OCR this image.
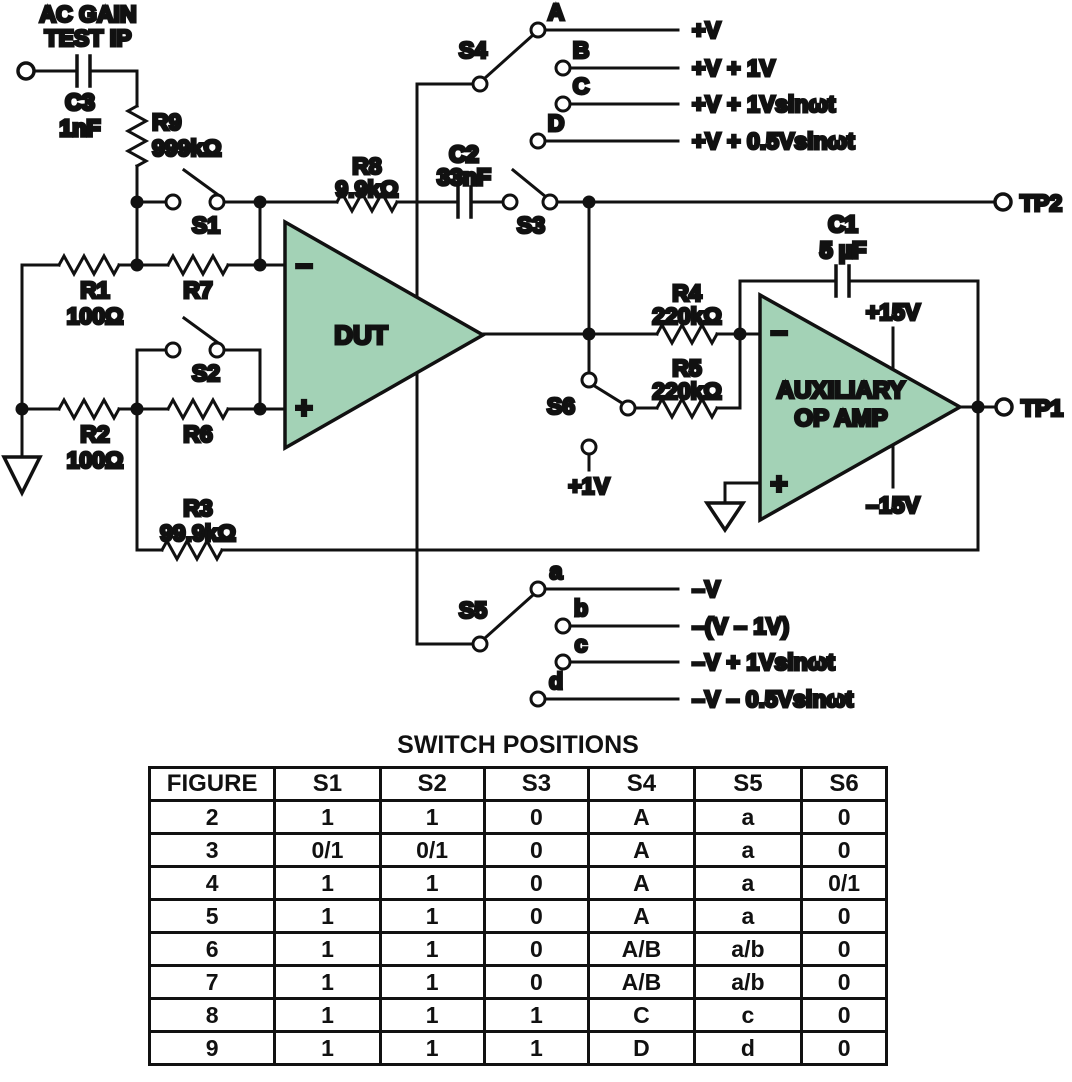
−
+
DUT	−
+
AUXILIARY
OP AMP
R9
999kΩ
R1
100Ω
R7
R2
100Ω
R6
R3
99.9kΩ
R8
9.9kΩ
R4
220kΩ
R5
220kΩ
C3
1nF
C2
33nF
C1
5 µF
S1
S2
S3
S4
A
B
C
D
+V
+V + 1V
+V + 1Vsinωt
+V + 0.5Vsinωt
S5
a
b
c
d
–V
–(V – 1V)
–V + 1Vsinωt
–V – 0.5Vsinωt
S6
+1V
+15V
–15V
AC GAIN
TEST IP
TP2
TP1
SWITCH POSITIONS
FIGURE	S1	S2	S3	S4	S5	S6
2	1	1	0	A	a	0
3	0/1	0/1	0	A	a	0
4	1	1	0	A	a	0/1
5	1	1	0	A	a	0
6	1	1	0	A/B	a/b	0
7	1	1	0	A/B	a/b	0
8	1	1	1	C	c	0
9	1	1	1	D	d	0
